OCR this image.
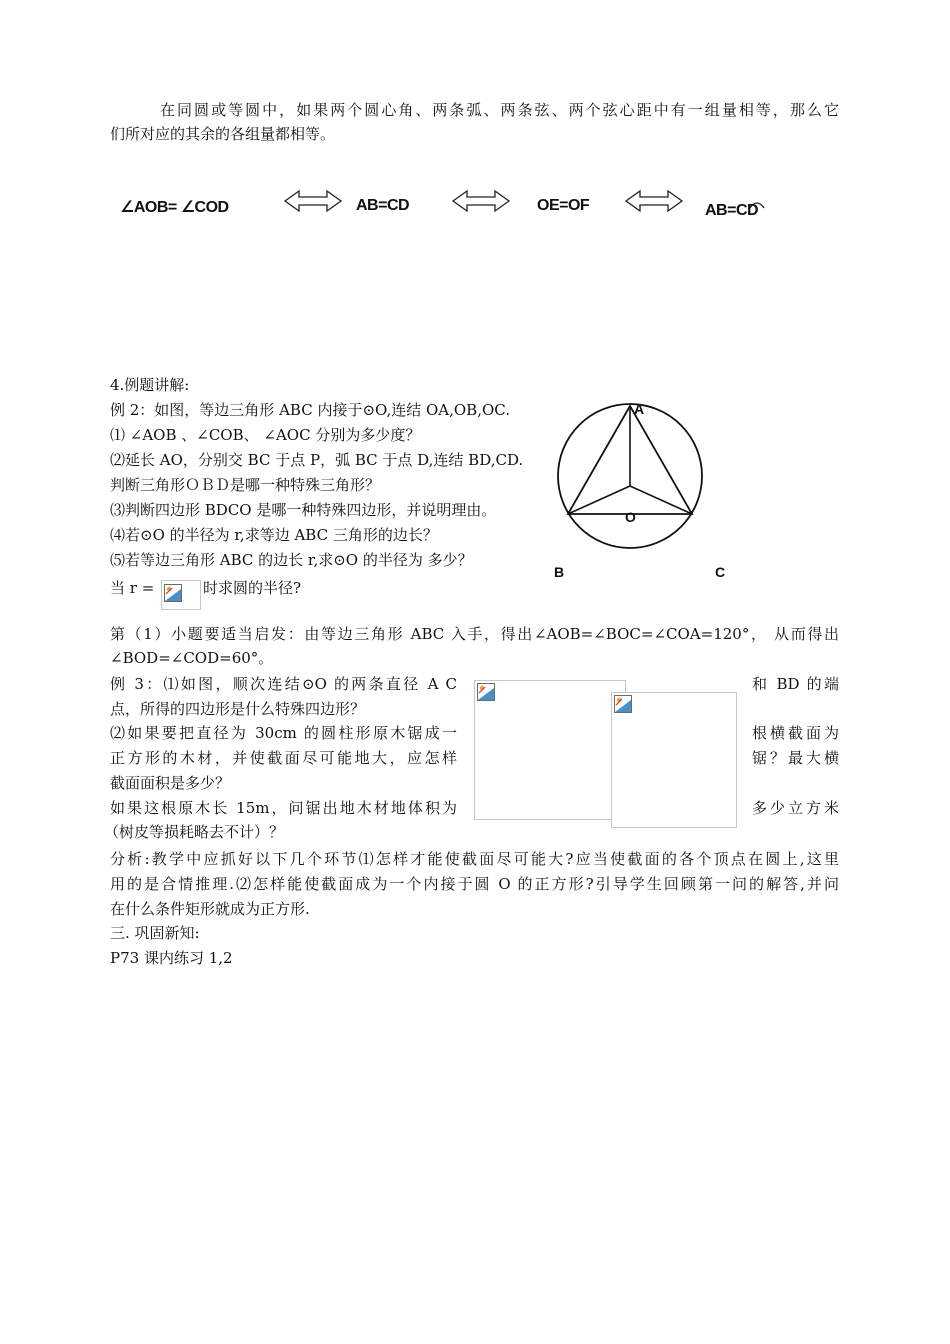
在同圆或等圆中，如果两个圆心角、两条弧、两条弦、两个弦心距中有一组量相等，那么它
们所对应的其余的各组量都相等。
∠AOB= ∠COD	AB=CD	OE=OF	AB=CD
4.例题讲解:
例 2：如图，等边三角形 ABC 内接于⊙O,连结 OA,OB,OC.
⑴ ∠AOB 、∠COB、 ∠AOC 分别为多少度？
⑵延长 AO，分别交 BC 于点 P，弧 BC 于点 D,连结 BD,CD.
判断三角形ＯＢＤ是哪一种特殊三角形？
⑶判断四边形 BDCO 是哪一种特殊四边形，并说明理由。
⑷若⊙O 的半径为 r,求等边 ABC 三角形的边长？
⑸若等边三角形 ABC 的边长 r,求⊙O 的半径为 多少？
当 r =	时求圆的半径?
A
O
B	C
第（1）小题要适当启发：由等边三角形 ABC 入手，得出∠AOB=∠BOC=∠COA=120°， 从而得出
∠BOD=∠COD=60°。
例 3：⑴如图，顺次连结⊙O 的两条直径 A C	和 BD 的端
点，所得的四边形是什么特殊四边形？
⑵如果要把直径为 30cm 的圆柱形原木锯成一	根横截面为
正方形的木材，并使截面尽可能地大，应怎样	锯？最大横
截面面积是多少？
如果这根原木长 15m，问锯出地木材地体积为	多少立方米
（树皮等损耗略去不计）？
分析:教学中应抓好以下几个环节⑴怎样才能使截面尽可能大?应当使截面的各个顶点在圆上,这里
用的是合情推理.⑵怎样能使截面成为一个内接于圆 O 的正方形?引导学生回顾第一问的解答,并问
在什么条件矩形就成为正方形.
三. 巩固新知:
P73 课内练习 1,2
